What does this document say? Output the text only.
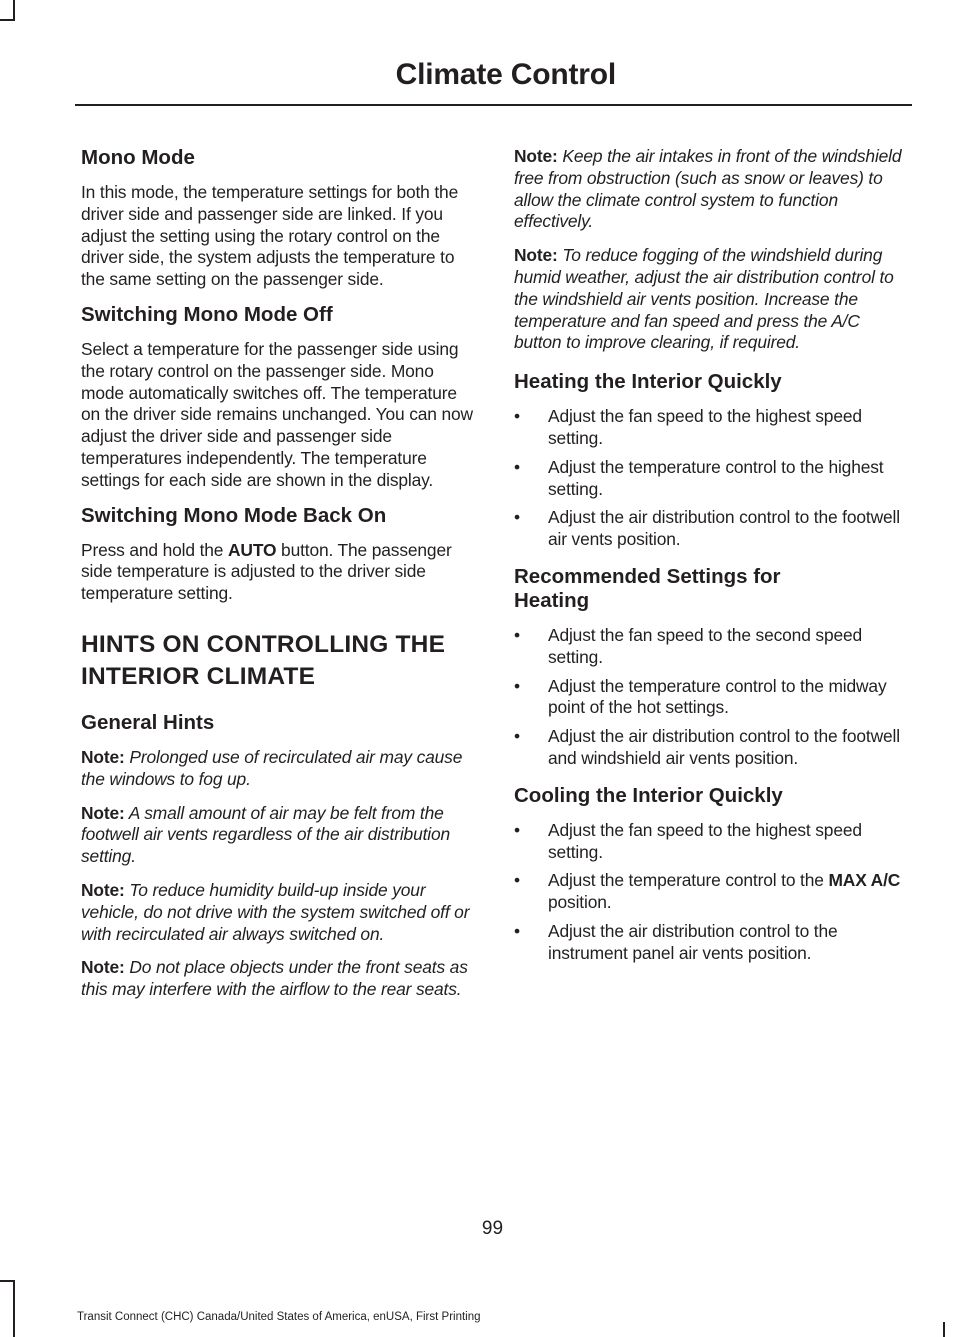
Climate Control
Mono Mode

In this mode, the temperature settings for both the driver side and passenger side are linked. If you adjust the setting using the rotary control on the driver side, the system adjusts the temperature to the same setting on the passenger side.

Switching Mono Mode Off

Select a temperature for the passenger side using the rotary control on the passenger side. Mono mode automatically switches off. The temperature on the driver side remains unchanged. You can now adjust the driver side and passenger side temperatures independently. The temperature settings for each side are shown in the display.

Switching Mono Mode Back On

Press and hold the AUTO button. The passenger side temperature is adjusted to the driver side temperature setting.

HINTS ON CONTROLLING THE
INTERIOR CLIMATE
General Hints

Note: Prolonged use of recirculated air may cause the windows to fog up.

Note: A small amount of air may be felt from the footwell air vents regardless of the air distribution setting.

Note: To reduce humidity build-up inside your vehicle, do not drive with the system switched off or with recirculated air always switched on.

Note: Do not place objects under the front seats as this may interfere with the airflow to the rear seats.

Note: Keep the air intakes in front of the windshield free from obstruction (such as snow or leaves) to allow the climate control system to function effectively.

Note: To reduce fogging of the windshield during humid weather, adjust the air distribution control to the windshield air vents position. Increase the temperature and fan speed and press the A/C button to improve clearing, if required.

Heating the Interior Quickly
• Adjust the fan speed to the highest speed setting.
• Adjust the temperature control to the highest setting.
• Adjust the air distribution control to the footwell air vents position.
Recommended Settings for
Heating
• Adjust the fan speed to the second speed setting.
• Adjust the temperature control to the midway point of the hot settings.
• Adjust the air distribution control to the footwell and windshield air vents position.
Cooling the Interior Quickly
• Adjust the fan speed to the highest speed setting.
• Adjust the temperature control to the MAX A/C position.
• Adjust the air distribution control to the instrument panel air vents position.
99
Transit Connect (CHC) Canada/United States of America, enUSA, First Printing
